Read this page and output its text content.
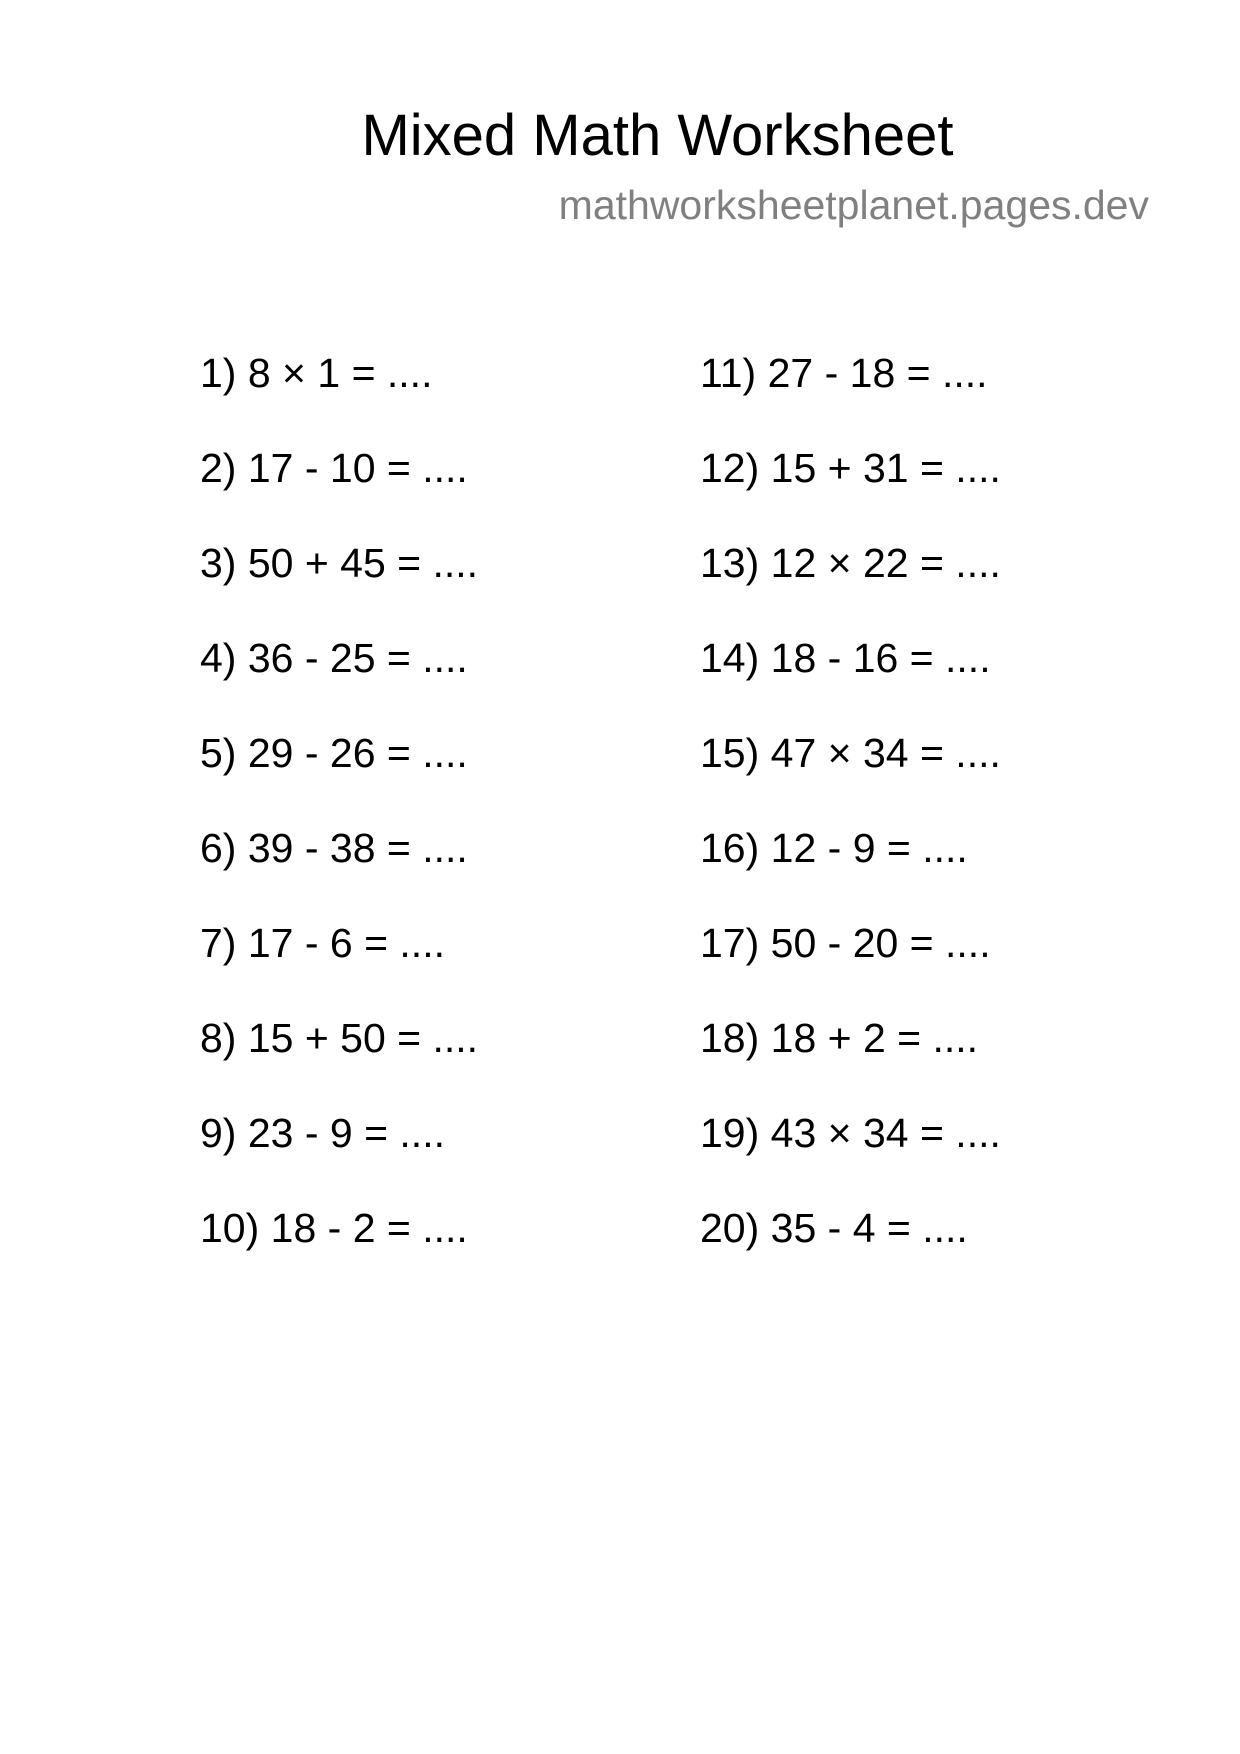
Mixed Math Worksheet
mathworksheetplanet.pages.dev
1) 8 × 1 = ....
2) 17 - 10 = ....
3) 50 + 45 = ....
4) 36 - 25 = ....
5) 29 - 26 = ....
6) 39 - 38 = ....
7) 17 - 6 = ....
8) 15 + 50 = ....
9) 23 - 9 = ....
10) 18 - 2 = ....
11) 27 - 18 = ....
12) 15 + 31 = ....
13) 12 × 22 = ....
14) 18 - 16 = ....
15) 47 × 34 = ....
16) 12 - 9 = ....
17) 50 - 20 = ....
18) 18 + 2 = ....
19) 43 × 34 = ....
20) 35 - 4 = ....
